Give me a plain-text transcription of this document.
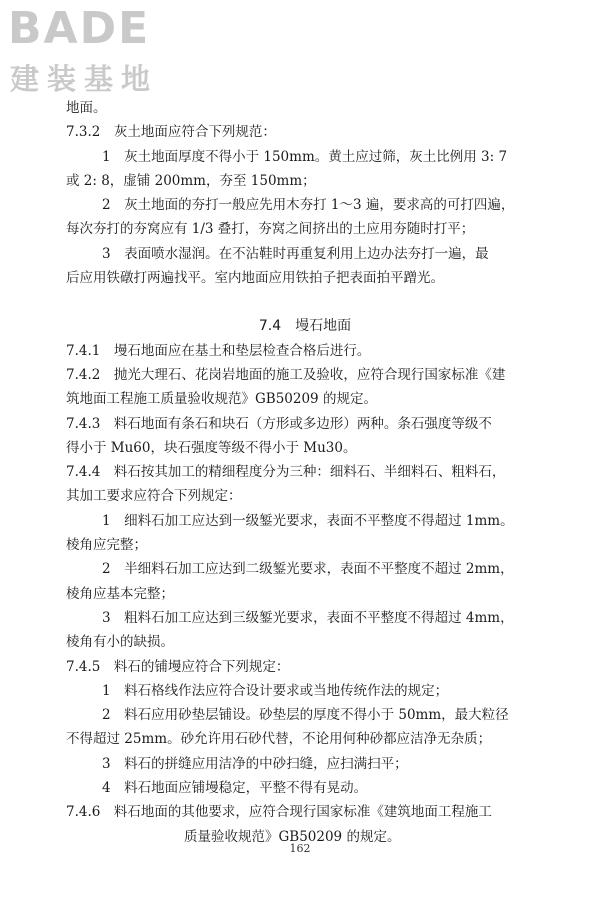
BADE
建装基地
地面。
7.3.2　灰土地面应符合下列规范：
1　灰土地面厚度不得小于 150mm。黄土应过筛，灰土比例用 3: 7
或 2: 8，虚铺 200mm，夯至 150mm；
2　灰土地面的夯打一般应先用木夯打 1～3 遍，要求高的可打四遍，
每次夯打的夯窝应有 1/3 叠打，夯窝之间挤出的土应用夯随时打平；
3　表面喷水湿润。在不沾鞋时再重复利用上边办法夯打一遍，最
后应用铁礅打两遍找平。室内地面应用铁拍子把表面拍平蹭光。
7.4　墁石地面
7.4.1　墁石地面应在基土和垫层检查合格后进行。
7.4.2　抛光大理石、花岗岩地面的施工及验收，应符合现行国家标准《建
筑地面工程施工质量验收规范》GB50209 的规定。
7.4.3　料石地面有条石和块石（方形或多边形）两种。条石强度等级不
得小于 Mu60，块石强度等级不得小于 Mu30。
7.4.4　料石按其加工的精细程度分为三种：细料石、半细料石、粗料石，
其加工要求应符合下列规定：
1　细料石加工应达到一级錾光要求，表面不平整度不得超过 1mm。
棱角应完整；
2　半细料石加工应达到二级錾光要求，表面不平整度不超过 2mm，
棱角应基本完整；
3　粗料石加工应达到三级錾光要求，表面不平整度不得超过 4mm，
棱角有小的缺损。
7.4.5　料石的铺墁应符合下列规定：
1　料石格线作法应符合设计要求或当地传统作法的规定；
2　料石应用砂垫层铺设。砂垫层的厚度不得小于 50mm，最大粒径
不得超过 25mm。砂允许用石砂代替，不论用何种砂都应洁净无杂质；
3　料石的拼缝应用洁净的中砂扫缝，应扫满扫平；
4　料石地面应铺墁稳定，平整不得有晃动。
7.4.6　料石地面的其他要求，应符合现行国家标准《建筑地面工程施工
质量验收规范》GB50209 的规定。
162
